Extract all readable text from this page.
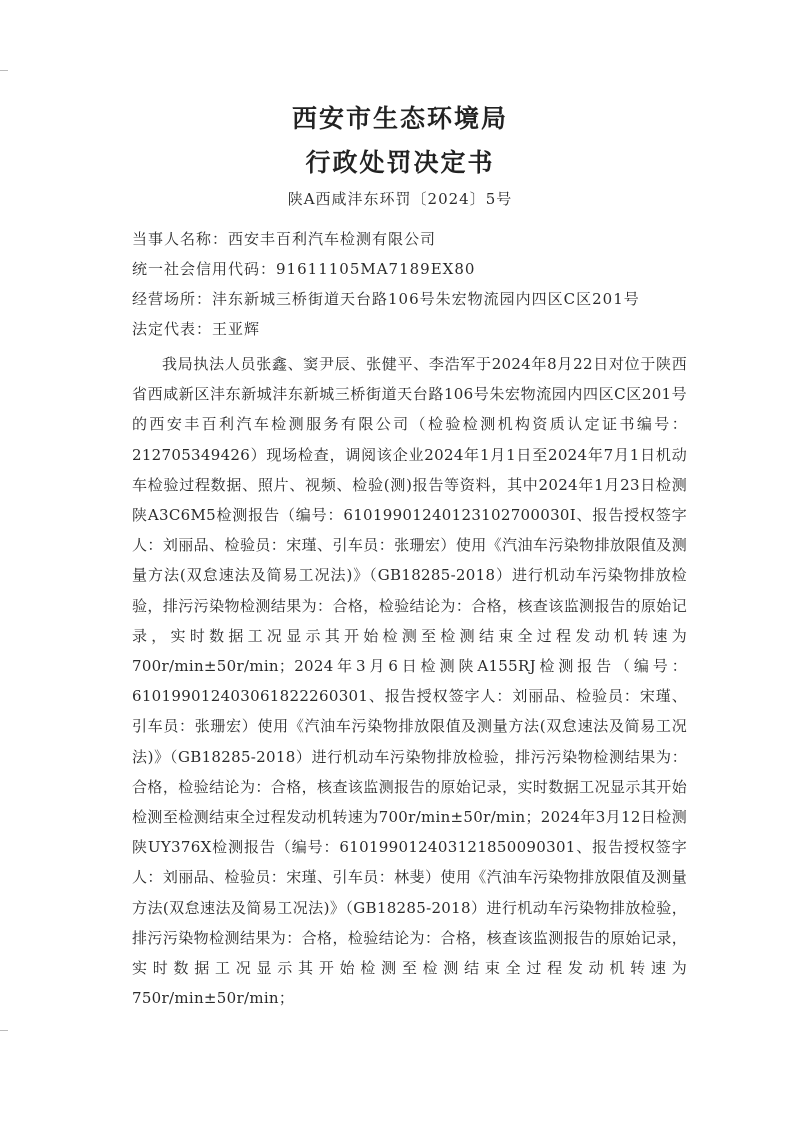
西安市生态环境局
行政处罚决定书
陕A西咸沣东环罚〔2024〕5号
当事人名称：西安丰百利汽车检测有限公司
统一社会信用代码：91611105MA7189EX80
经营场所：沣东新城三桥街道天台路106号朱宏物流园内四区C区201号
法定代表：王亚辉

我局执法人员张鑫、窦尹辰、张健平、李浩军于2024年8月22日对位于陕西省西咸新区沣东新城沣东新城三桥街道天台路106号朱宏物流园内四区C区201号的西安丰百利汽车检测服务有限公司（检验检测机构资质认定证书编号：212705349426）现场检查，调阅该企业2024年1月1日至2024年7月1日机动车检验过程数据、照片、视频、检验(测)报告等资料，其中2024年1月23日检测陕A3C6M5检测报告（编号：61019901240123102700030I、报告授权签字人：刘丽品、检验员：宋瑾、引车员：张珊宏）使用《汽油车污染物排放限值及测量方法(双怠速法及简易工况法)》（GB18285-2018）进行机动车污染物排放检验，排污污染物检测结果为：合格，检验结论为：合格，核查该监测报告的原始记录，实时数据工况显示其开始检测至检测结束全过程发动机转速为700r/min±50r/min；2024年3月6日检测陕A155RJ检测报告（编号：610199012403061822260301、报告授权签字人：刘丽品、检验员：宋瑾、引车员：张珊宏）使用《汽油车污染物排放限值及测量方法(双怠速法及简易工况法)》（GB18285-2018）进行机动车污染物排放检验，排污污染物检测结果为：合格，检验结论为：合格，核查该监测报告的原始记录，实时数据工况显示其开始检测至检测结束全过程发动机转速为700r/min±50r/min；2024年3月12日检测陕UY376X检测报告（编号：610199012403121850090301、报告授权签字人：刘丽品、检验员：宋瑾、引车员：林斐）使用《汽油车污染物排放限值及测量方法(双怠速法及简易工况法)》（GB18285-2018）进行机动车污染物排放检验，排污污染物检测结果为：合格，检验结论为：合格，核查该监测报告的原始记录，实时数据工况显示其开始检测至检测结束全过程发动机转速为750r/min±50r/min；
